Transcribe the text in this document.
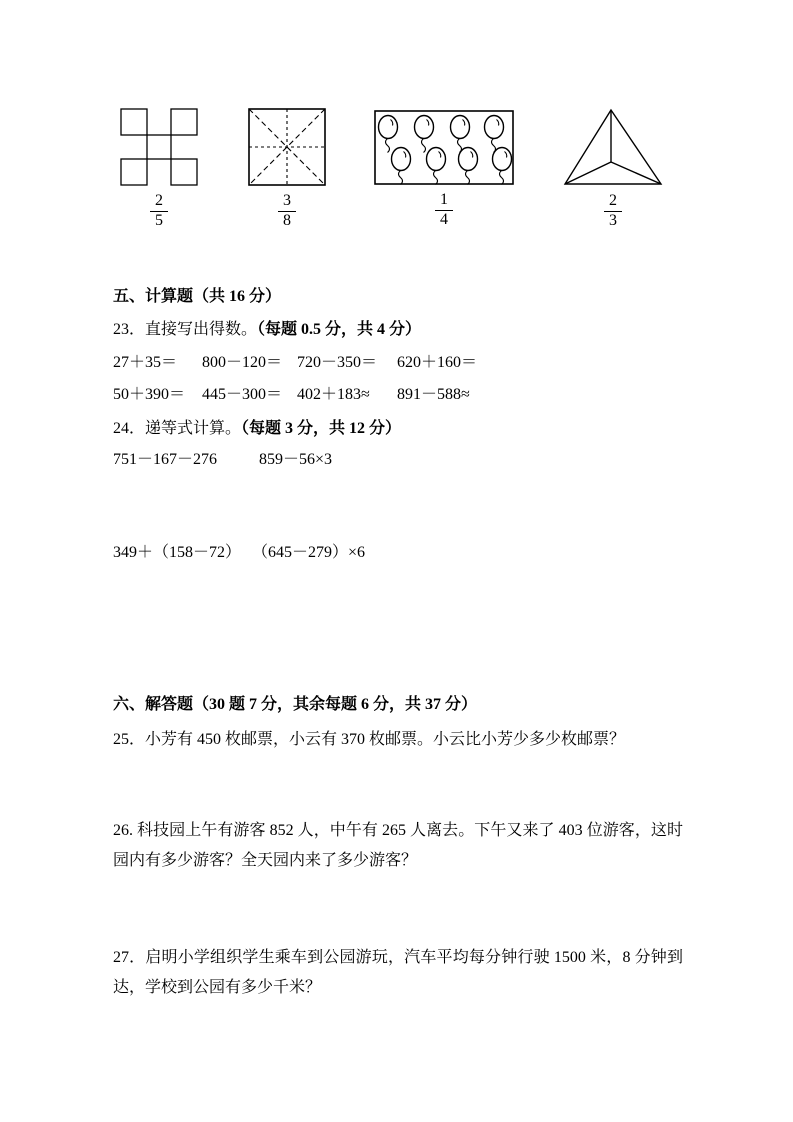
$\frac{2}{5}$	$\frac{3}{8}$	$\frac{1}{4}$	$\frac{2}{3}$
五、计算题（共 16 分）
23．直接写出得数。（每题 0.5 分，共 4 分）
27＋35＝	800－120＝ 720－350＝	620＋160＝
50＋390＝	445－300＝ 402＋183≈	891－588≈
24．递等式计算。（每题 3 分，共 12 分）
751－167－276	859－56×3
349＋（158－72） （645－279）×6
六、解答题（30 题 7 分，其余每题 6 分，共 37 分）
25．小芳有 450 枚邮票，小云有 370 枚邮票。小云比小芳少多少枚邮票？
26. 科技园上午有游客 852 人，中午有 265 人离去。下午又来了 403 位游客，这时园内有多少游客？全天园内来了多少游客？
27．启明小学组织学生乘车到公园游玩，汽车平均每分钟行驶 1500 米，8 分钟到达，学校到公园有多少千米？
